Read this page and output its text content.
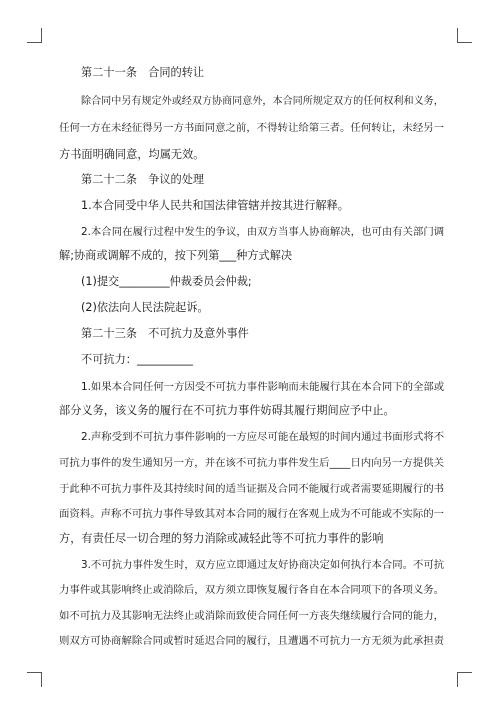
第二十一条　合同的转让
除合同中另有规定外或经双方协商同意外，本合同所规定双方的任何权利和义务，
任何一方在未经征得另一方书面同意之前，不得转让给第三者。任何转让，未经另一
方书面明确同意，均属无效。
第二十二条　争议的处理
1.本合同受中华人民共和国法律管辖并按其进行解释。
2.本合同在履行过程中发生的争议，由双方当事人协商解决，也可由有关部门调
解;协商或调解不成的，按下列第___种方式解决
(1)提交_________仲裁委员会仲裁;
(2)依法向人民法院起诉。
第二十三条　不可抗力及意外事件
不可抗力：__________
1.如果本合同任何一方因受不可抗力事件影响而未能履行其在本合同下的全部或
部分义务，该义务的履行在不可抗力事件妨碍其履行期间应予中止。
2.声称受到不可抗力事件影响的一方应尽可能在最短的时间内通过书面形式将不
可抗力事件的发生通知另一方，并在该不可抗力事件发生后____日内向另一方提供关
于此种不可抗力事件及其持续时间的适当证据及合同不能履行或者需要延期履行的书
面资料。声称不可抗力事件导致其对本合同的履行在客观上成为不可能或不实际的一
方，有责任尽一切合理的努力消除或减轻此等不可抗力事件的影响
3.不可抗力事件发生时，双方应立即通过友好协商决定如何执行本合同。不可抗
力事件或其影响终止或消除后，双方须立即恢复履行各自在本合同项下的各项义务。
如不可抗力及其影响无法终止或消除而致使合同任何一方丧失继续履行合同的能力，
则双方可协商解除合同或暂时延迟合同的履行，且遭遇不可抗力一方无须为此承担责
